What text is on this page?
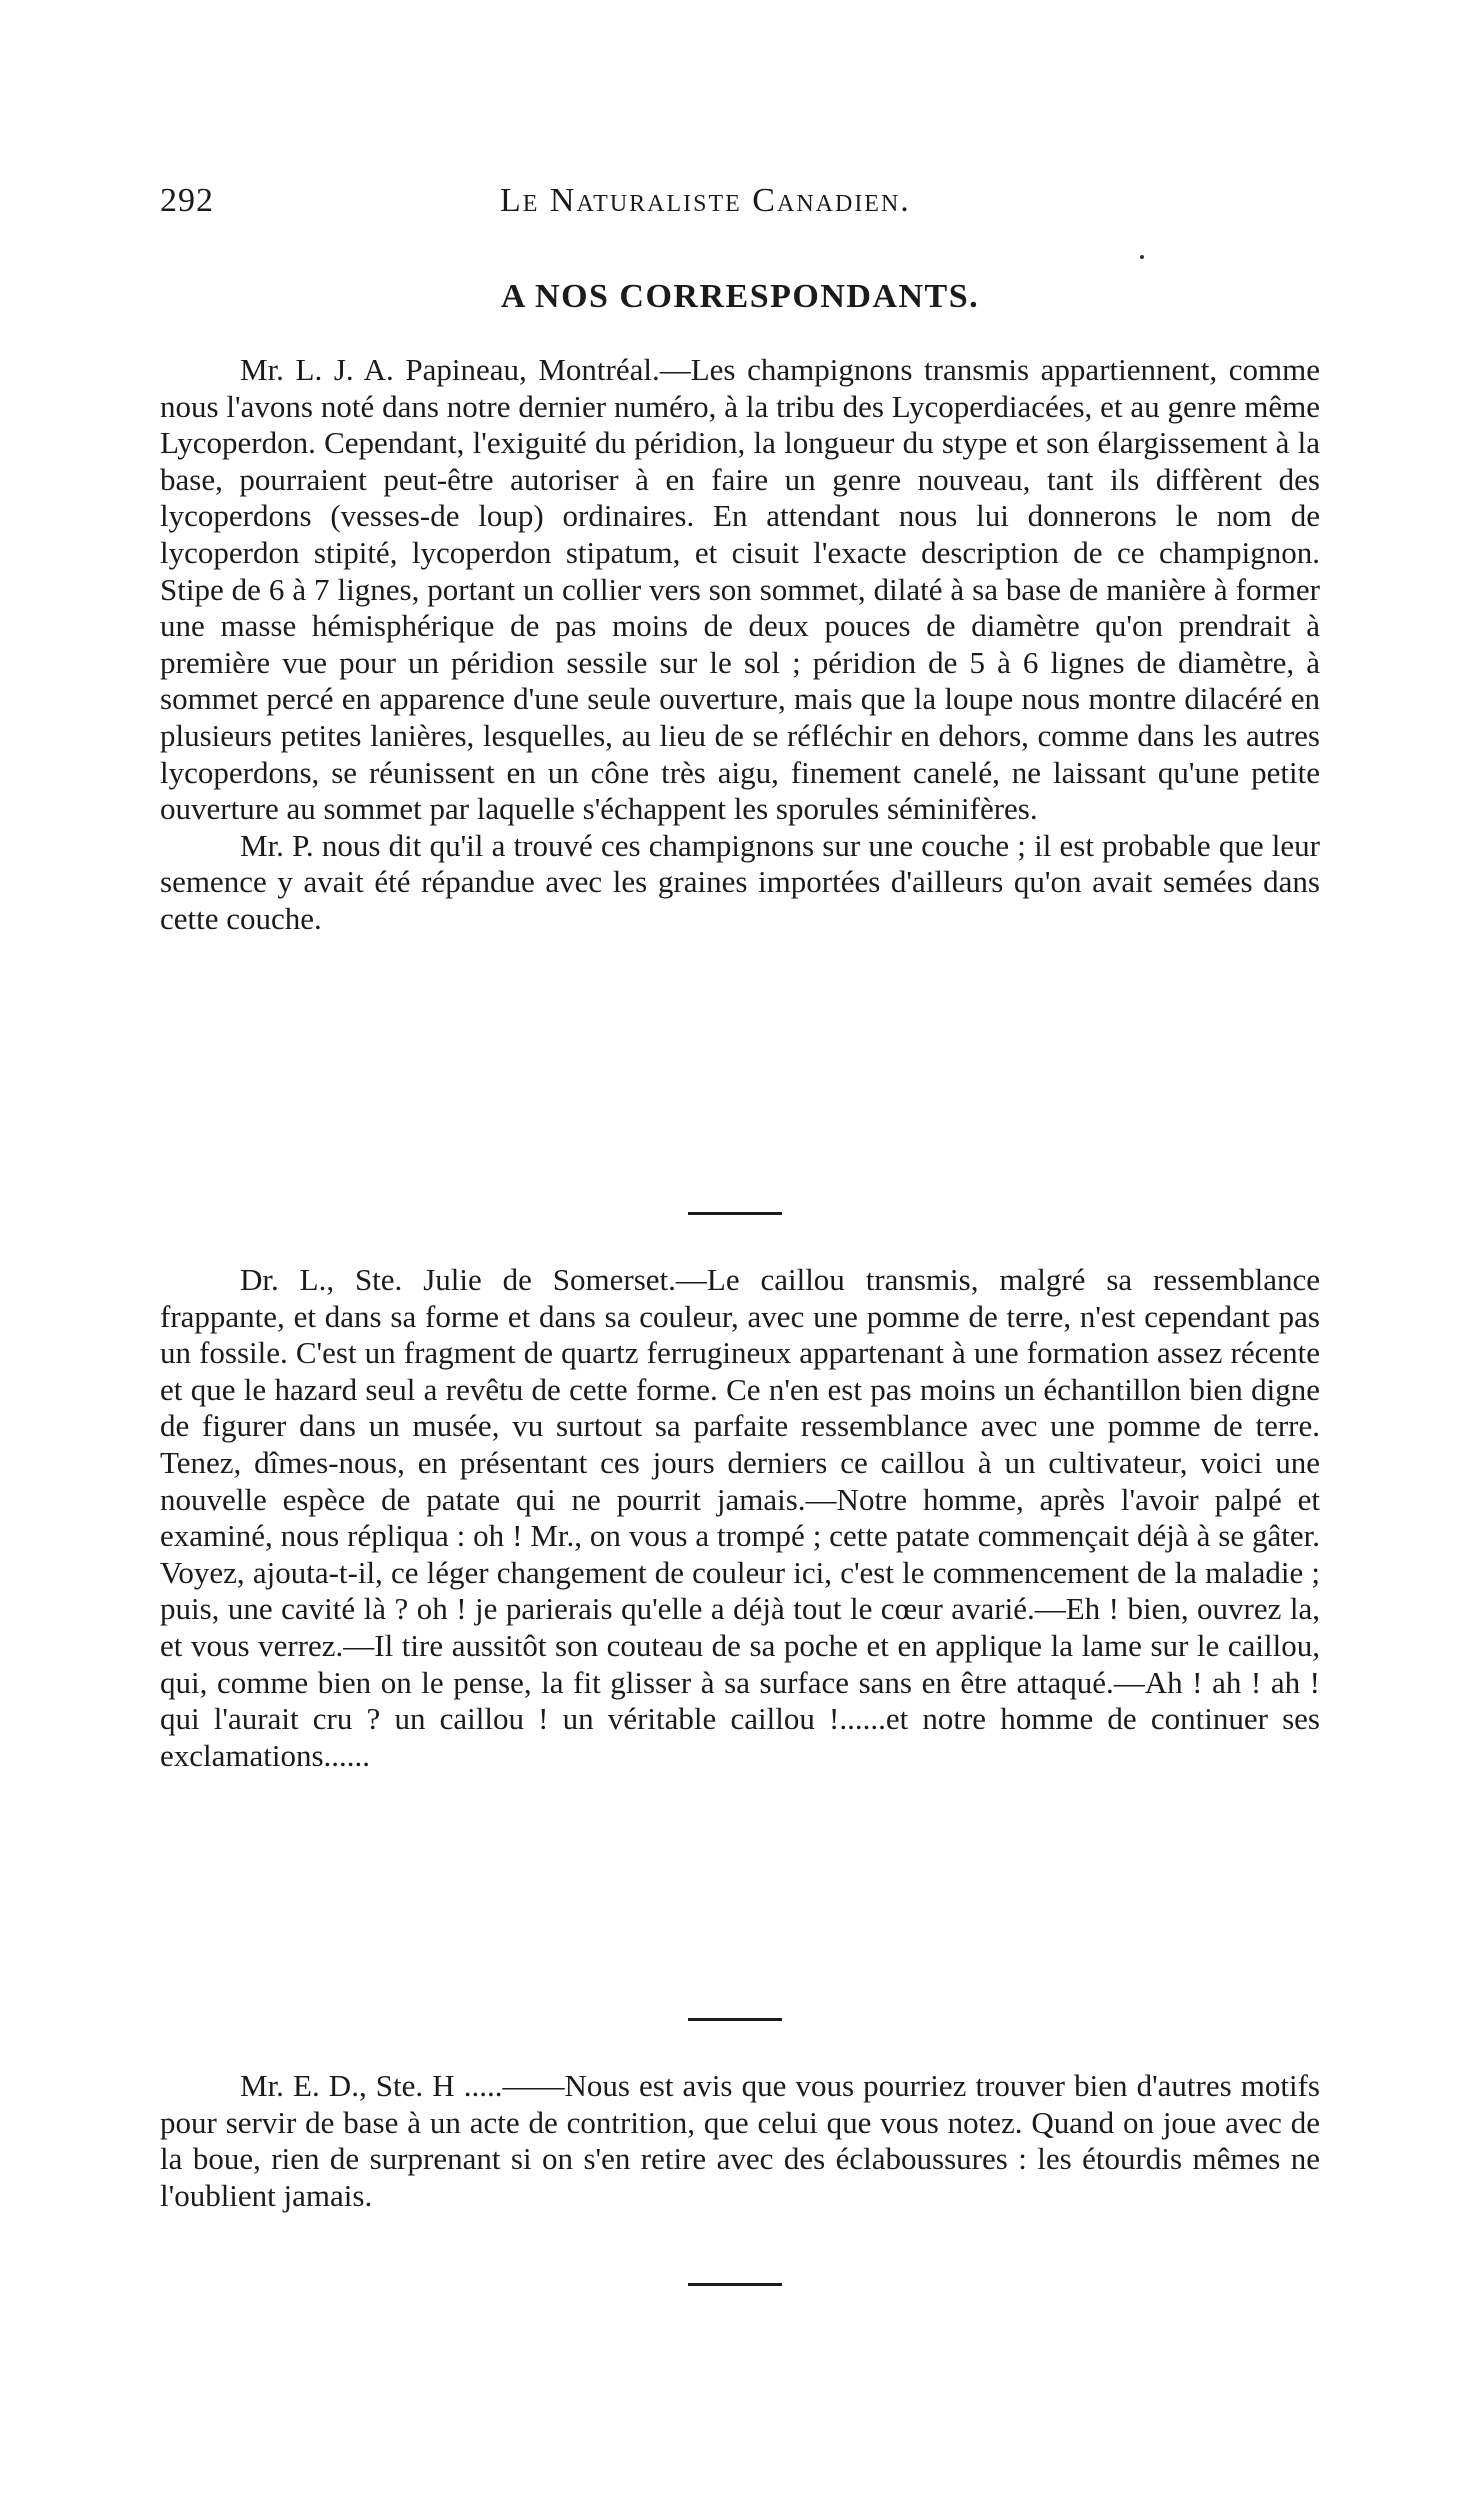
292	Le Naturaliste Canadien.
A NOS CORRESPONDANTS.

Mr. L. J. A. Papineau, Montréal.—Les champignons transmis appartiennent, comme nous l'avons noté dans notre dernier numéro, à la tribu des Lycoperdiacées, et au genre même Lycoperdon. Cependant, l'exiguité du péridion, la longueur du stype et son élargissement à la base, pourraient peut-être autoriser à en faire un genre nouveau, tant ils diffèrent des lycoperdons (vesses-de loup) ordinaires. En attendant nous lui donnerons le nom de lycoperdon stipité, lycoperdon stipatum, et cisuit l'exacte description de ce champignon. Stipe de 6 à 7 lignes, portant un collier vers son sommet, dilaté à sa base de manière à former une masse hémisphérique de pas moins de deux pouces de diamètre qu'on prendrait à première vue pour un péridion sessile sur le sol ; péridion de 5 à 6 lignes de diamètre, à sommet percé en apparence d'une seule ouverture, mais que la loupe nous montre dilacéré en plusieurs petites lanières, lesquelles, au lieu de se réfléchir en dehors, comme dans les autres lycoperdons, se réunissent en un cône très aigu, finement canelé, ne laissant qu'une petite ouverture au sommet par laquelle s'échappent les sporules séminifères.

Mr. P. nous dit qu'il a trouvé ces champignons sur une couche ; il est probable que leur semence y avait été répandue avec les graines importées d'ailleurs qu'on avait semées dans cette couche.

Dr. L., Ste. Julie de Somerset.—Le caillou transmis, malgré sa ressemblance frappante, et dans sa forme et dans sa couleur, avec une pomme de terre, n'est cependant pas un fossile. C'est un fragment de quartz ferrugineux appartenant à une formation assez récente et que le hazard seul a revêtu de cette forme. Ce n'en est pas moins un échantillon bien digne de figurer dans un musée, vu surtout sa parfaite ressemblance avec une pomme de terre. Tenez, dîmes-nous, en présentant ces jours derniers ce caillou à un cultivateur, voici une nouvelle espèce de patate qui ne pourrit jamais.—Notre homme, après l'avoir palpé et examiné, nous répliqua : oh ! Mr., on vous a trompé ; cette patate commençait déjà à se gâter. Voyez, ajouta-t-il, ce léger changement de couleur ici, c'est le commencement de la maladie ; puis, une cavité là ? oh ! je parierais qu'elle a déjà tout le cœur avarié.—Eh ! bien, ouvrez la, et vous verrez.—Il tire aussitôt son couteau de sa poche et en applique la lame sur le caillou, qui, comme bien on le pense, la fit glisser à sa surface sans en être attaqué.—Ah ! ah ! ah ! qui l'aurait cru ? un caillou ! un véritable caillou !......et notre homme de continuer ses exclamations......

Mr. E. D., Ste. H .....——Nous est avis que vous pourriez trouver bien d'autres motifs pour servir de base à un acte de contrition, que celui que vous notez. Quand on joue avec de la boue, rien de surprenant si on s'en retire avec des éclaboussures : les étourdis mêmes ne l'oublient jamais.
